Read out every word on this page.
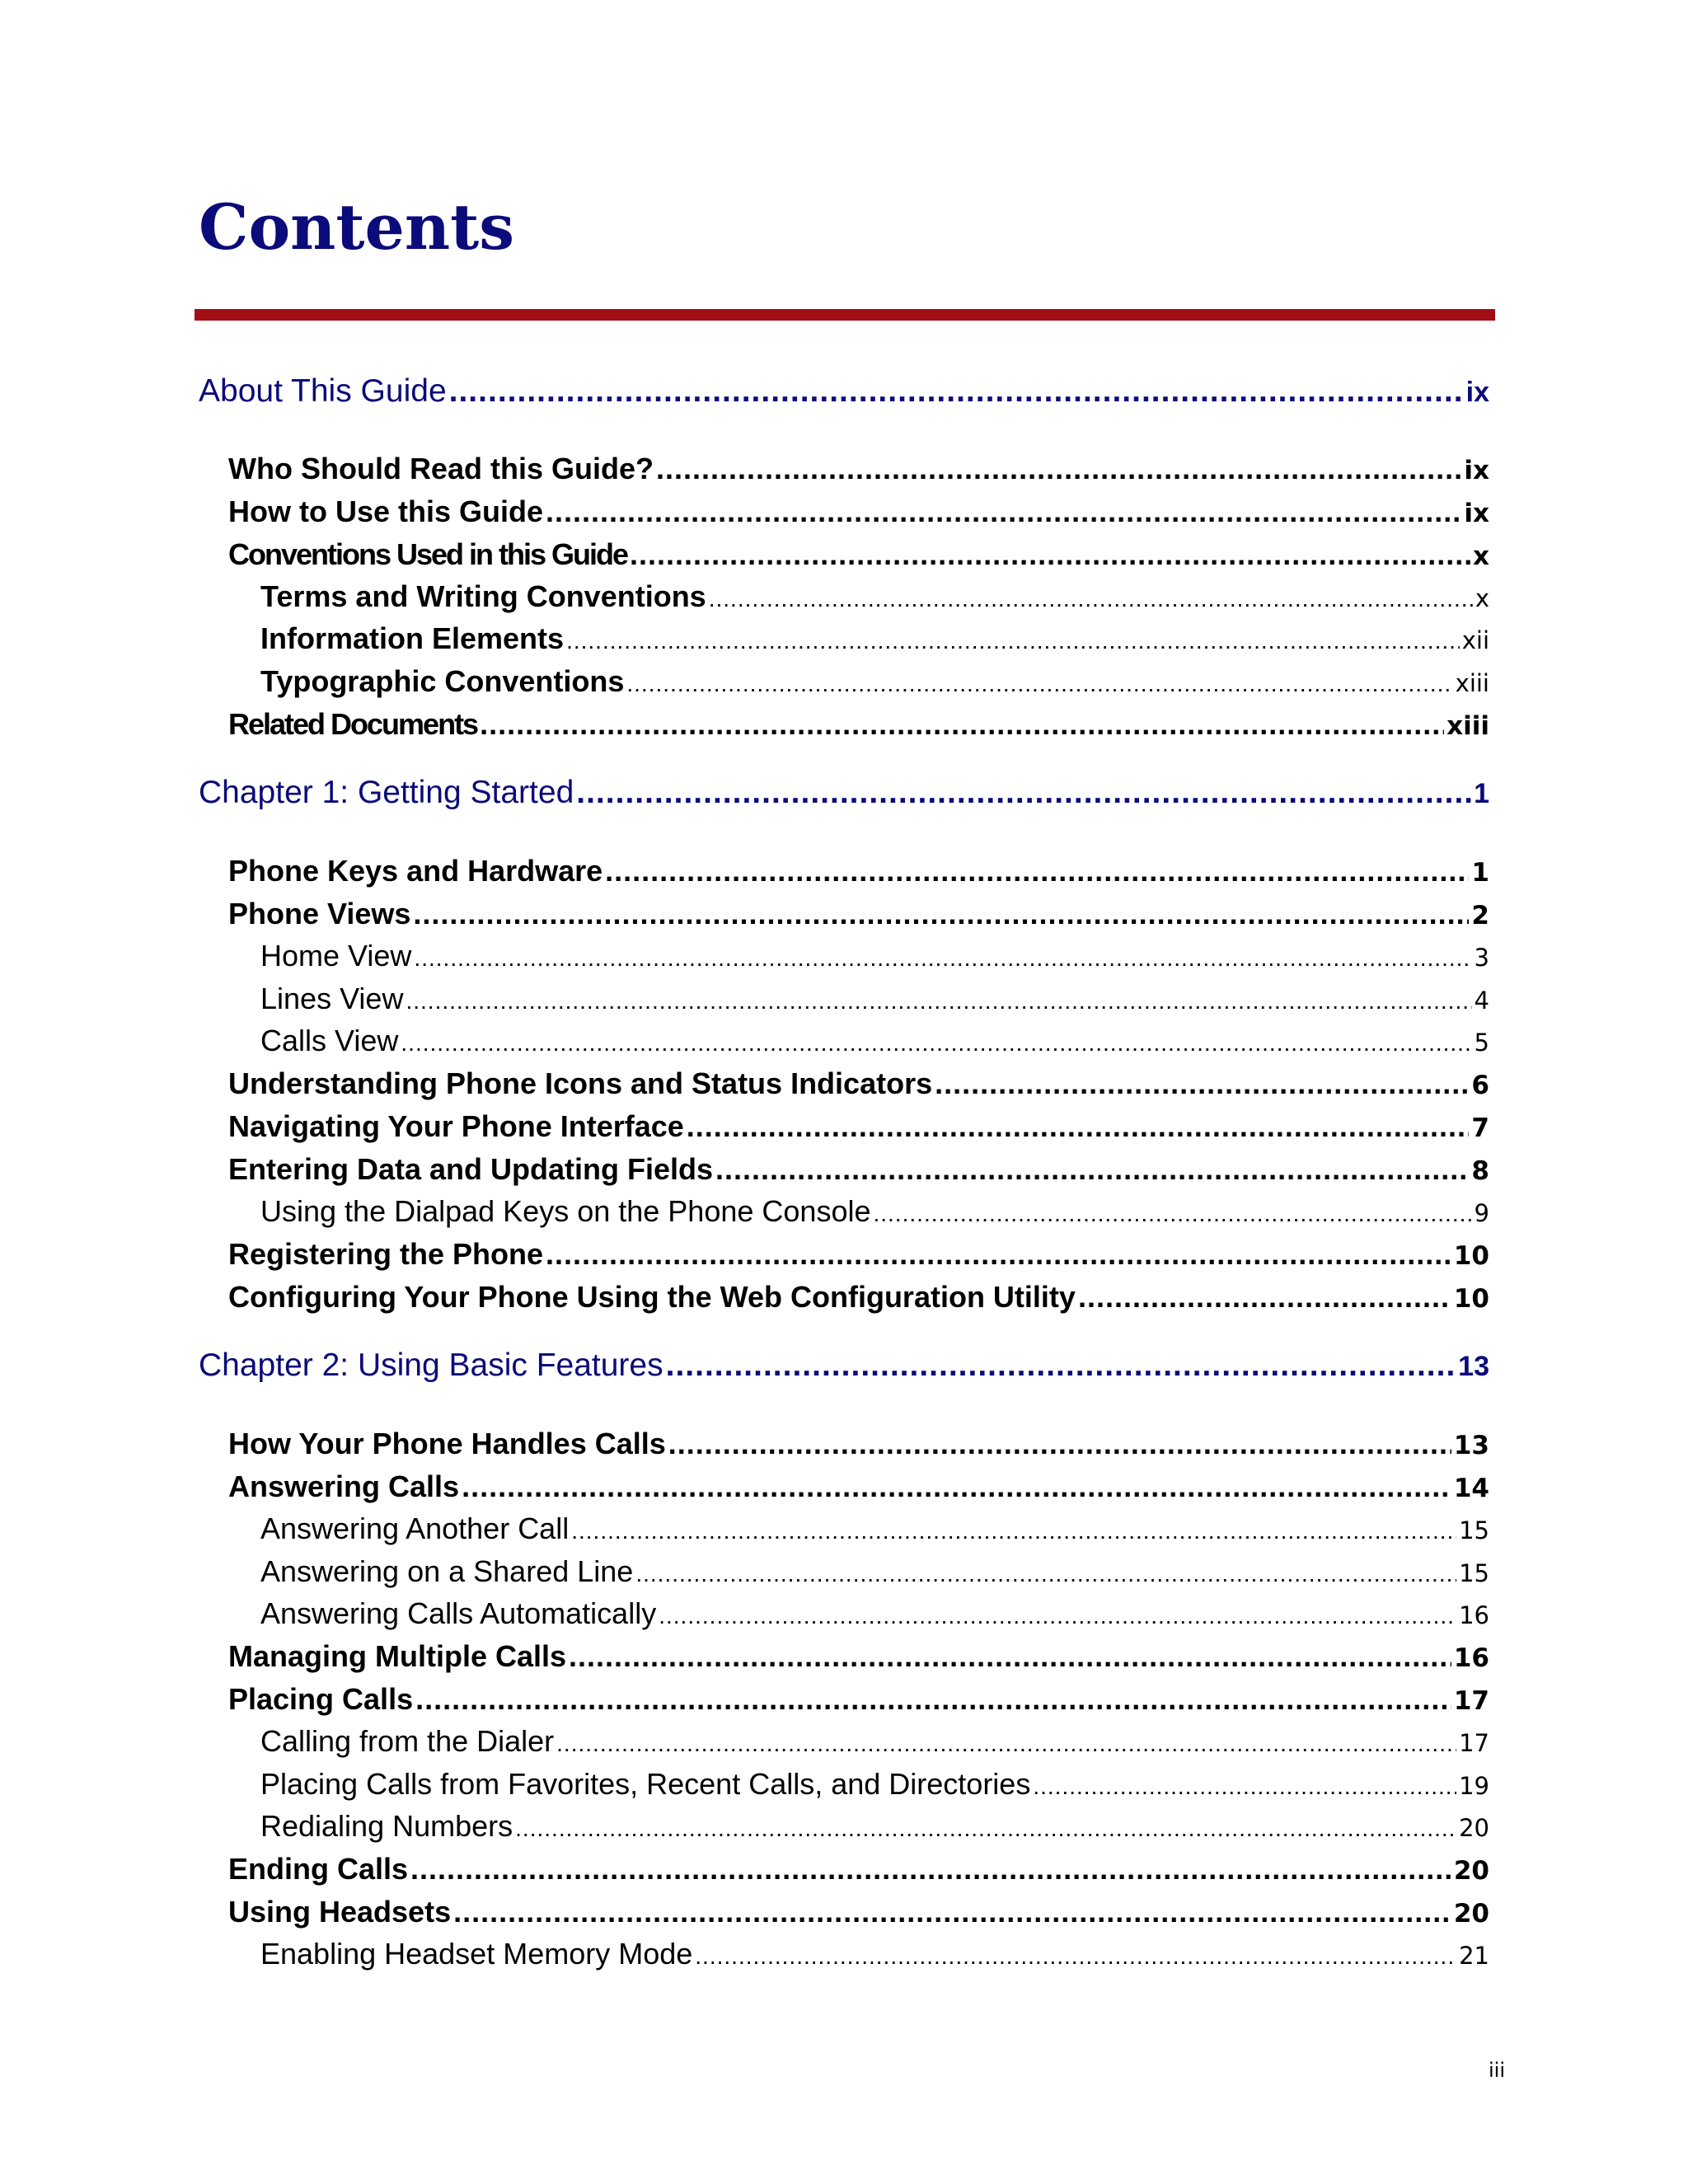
Contents
About This Guide .....	ix
Who Should Read this Guide? .....	ix
How to Use this Guide .....	ix
Conventions Used in this Guide .....	x
Terms and Writing Conventions .....	x
Information Elements .....	xii
Typographic Conventions .....	xiii
Related Documents .....	xiii
Chapter 1: Getting Started .....	1
Phone Keys and Hardware .....	1
Phone Views .....	2
Home View .....	3
Lines View .....	4
Calls View .....	5
Understanding Phone Icons and Status Indicators .....	6
Navigating Your Phone Interface .....	7
Entering Data and Updating Fields .....	8
Using the Dialpad Keys on the Phone Console .....	9
Registering the Phone .....	10
Configuring Your Phone Using the Web Configuration Utility .....	10
Chapter 2: Using Basic Features .....	13
How Your Phone Handles Calls .....	13
Answering Calls .....	14
Answering Another Call .....	15
Answering on a Shared Line .....	15
Answering Calls Automatically .....	16
Managing Multiple Calls .....	16
Placing Calls .....	17
Calling from the Dialer .....	17
Placing Calls from Favorites, Recent Calls, and Directories .....	19
Redialing Numbers .....	20
Ending Calls .....	20
Using Headsets .....	20
Enabling Headset Memory Mode .....	21
iii
